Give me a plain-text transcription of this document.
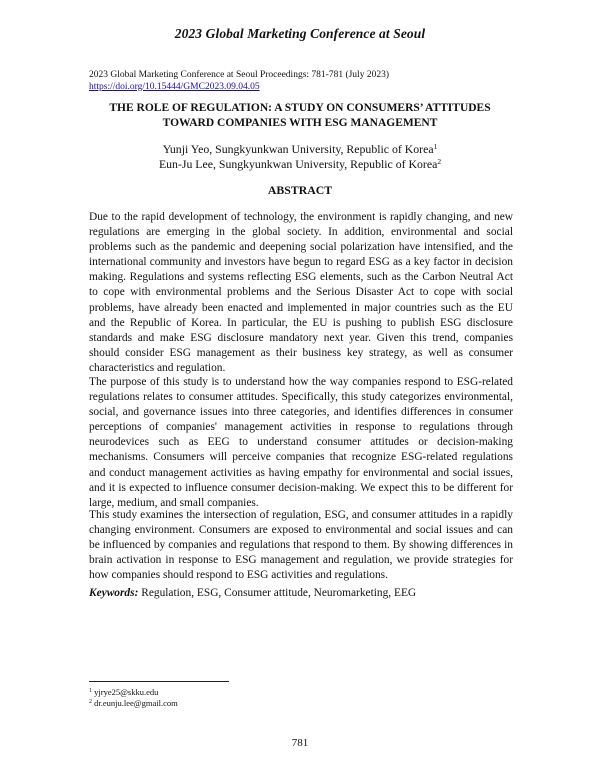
2023 Global Marketing Conference at Seoul
2023 Global Marketing Conference at Seoul Proceedings: 781-781 (July 2023)
https://doi.org/10.15444/GMC2023.09.04.05
THE ROLE OF REGULATION: A STUDY ON CONSUMERS’ ATTITUDES
TOWARD COMPANIES WITH ESG MANAGEMENT
Yunji Yeo, Sungkyunkwan University, Republic of Korea$^1$
Eun-Ju Lee, Sungkyunkwan University, Republic of Korea$^2$
ABSTRACT
Due to the rapid development of technology, the environment is rapidly changing, and new regulations are emerging in the global society. In addition, environmental and social problems such as the pandemic and deepening social polarization have intensified, and the international community and investors have begun to regard ESG as a key factor in decision making. Regulations and systems reflecting ESG elements, such as the Carbon Neutral Act to cope with environmental problems and the Serious Disaster Act to cope with social problems, have already been enacted and implemented in major countries such as the EU and the Republic of Korea. In particular, the EU is pushing to publish ESG disclosure standards and make ESG disclosure mandatory next year. Given this trend, companies should consider ESG management as their business key strategy, as well as consumer characteristics and regulation.
The purpose of this study is to understand how the way companies respond to ESG-related regulations relates to consumer attitudes. Specifically, this study categorizes environmental, social, and governance issues into three categories, and identifies differences in consumer perceptions of companies' management activities in response to regulations through neurodevices such as EEG to understand consumer attitudes or decision-making mechanisms. Consumers will perceive companies that recognize ESG-related regulations and conduct management activities as having empathy for environmental and social issues, and it is expected to influence consumer decision-making. We expect this to be different for large, medium, and small companies.
This study examines the intersection of regulation, ESG, and consumer attitudes in a rapidly changing environment. Consumers are exposed to environmental and social issues and can be influenced by companies and regulations that respond to them. By showing differences in brain activation in response to ESG management and regulation, we provide strategies for how companies should respond to ESG activities and regulations.
Keywords: Regulation, ESG, Consumer attitude, Neuromarketing, EEG
$^1$ yjrye25@skku.edu
$^2$ dr.eunju.lee@gmail.com
781
